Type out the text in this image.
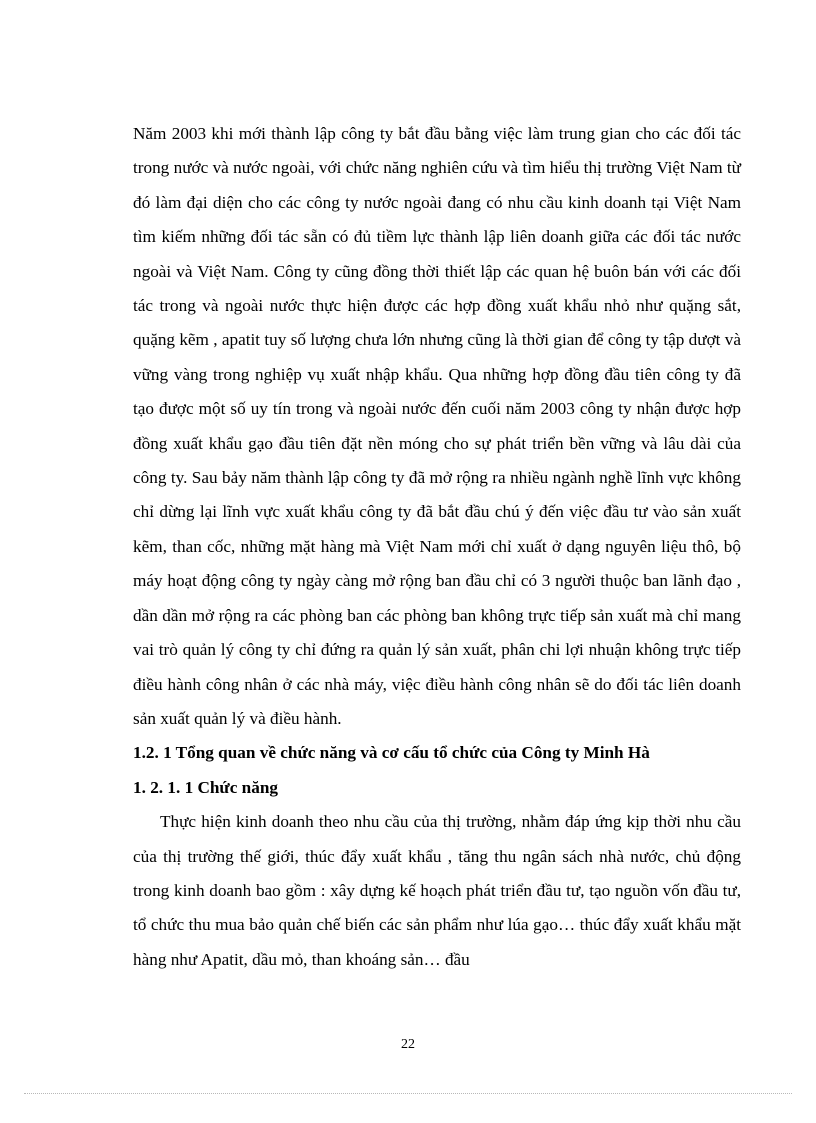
Năm 2003 khi mới thành lập công ty bắt đầu bằng việc làm trung gian cho các đối tác trong nước và nước ngoài, với chức năng nghiên cứu và tìm hiểu thị trường Việt Nam từ đó làm đại diện cho các công ty nước ngoài đang có nhu cầu kinh doanh tại Việt Nam tìm kiếm những đối tác sẵn có đủ tiềm lực thành lập liên doanh giữa các đối tác nước ngoài và Việt Nam. Công ty cũng đồng thời thiết lập các quan hệ buôn bán với các đối tác trong và ngoài nước thực hiện được các hợp đồng xuất khẩu nhỏ như quặng sắt, quặng kẽm , apatit tuy số lượng chưa lớn nhưng cũng là thời gian để công ty tập dượt và vững vàng trong nghiệp vụ xuất nhập khẩu. Qua những hợp đồng đầu tiên công ty đã tạo được một số uy tín trong và ngoài nước đến cuối năm 2003 công ty nhận được hợp đồng xuất khẩu gạo đầu tiên đặt nền móng cho sự phát triển bền vững và lâu dài của công ty. Sau bảy năm thành lập công ty đã mở rộng ra nhiều ngành nghề lĩnh vực không chỉ dừng lại lĩnh vực xuất khẩu công ty đã bắt đầu chú ý đến việc đầu tư vào sản xuất kẽm, than cốc, những mặt hàng mà Việt Nam mới chỉ xuất ở dạng nguyên liệu thô, bộ máy hoạt động công ty ngày càng mở rộng ban đầu chỉ có 3 người thuộc ban lãnh đạo , dần dần mở rộng ra các phòng ban các phòng ban không trực tiếp sản xuất mà chỉ mang vai trò quản lý công ty chỉ đứng ra quản lý sản xuất, phân chi lợi nhuận không trực tiếp điều hành công nhân ở các nhà máy, việc điều hành công nhân sẽ do đối tác liên doanh sản xuất quản lý và điều hành.

1.2. 1 Tổng quan về chức năng và cơ cấu tổ chức của Công ty Minh Hà

1. 2. 1. 1 Chức năng

Thực hiện kinh doanh theo nhu cầu của thị trường, nhằm đáp ứng kịp thời nhu cầu của thị trường thế giới, thúc đẩy xuất khẩu , tăng thu ngân sách nhà nước, chủ động trong kinh doanh bao gồm : xây dựng kế hoạch phát triển đầu tư, tạo nguồn vốn đầu tư, tổ chức thu mua bảo quản chế biến các sản phẩm như lúa gạo… thúc đẩy xuất khẩu mặt hàng như Apatit, dầu mỏ, than khoáng sản… đầu

22
